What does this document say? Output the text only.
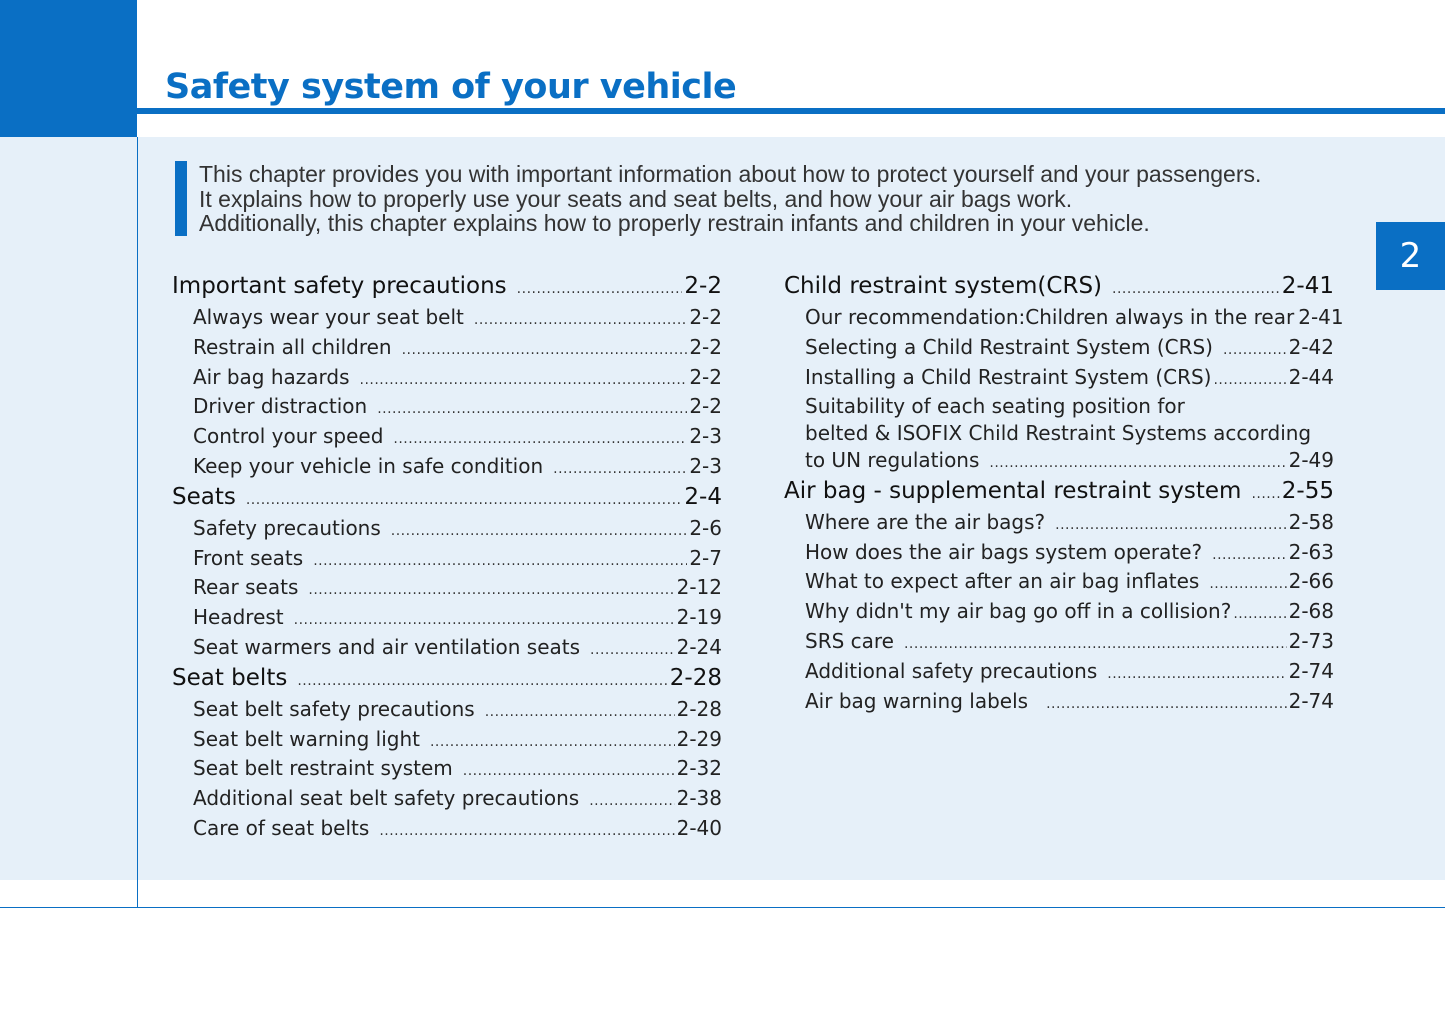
Safety system of your vehicle
2
This chapter provides you with important information about how to protect yourself and your passengers.
It explains how to properly use your seats and seat belts, and how your air bags work.
Additionally, this chapter explains how to properly restrain infants and children in your vehicle.
Important safety precautions .....	2-2
Always wear your seat belt .....	2-2
Restrain all children .....	2-2
Air bag hazards .....	2-2
Driver distraction .....	2-2
Control your speed .....	2-3
Keep your vehicle in safe condition .....	2-3
Seats .....	2-4
Safety precautions .....	2-6
Front seats .....	2-7
Rear seats .....	2-12
Headrest .....	2-19
Seat warmers and air ventilation seats .....	2-24
Seat belts .....	2-28
Seat belt safety precautions .....	2-28
Seat belt warning light .....	2-29
Seat belt restraint system .....	2-32
Additional seat belt safety precautions .....	2-38
Care of seat belts .....	2-40
Child restraint system(CRS) .....	2-41
Our recommendation:Children always in the rear 2-41
Selecting a Child Restraint System (CRS) .....	2-42
Installing a Child Restraint System (CRS) .....	2-44
Suitability of each seating position for
belted & ISOFIX Child Restraint Systems according
to UN regulations .....	2-49
Air bag - supplemental restraint system ..... 2-55
Where are the air bags? .....	2-58
How does the air bags system operate? .....	2-63
What to expect after an air bag inflates .....	2-66
Why didn't my air bag go off in a collision? .....	2-68
SRS care .....	2-73
Additional safety precautions .....	2-74
Air bag warning labels .....	2-74
